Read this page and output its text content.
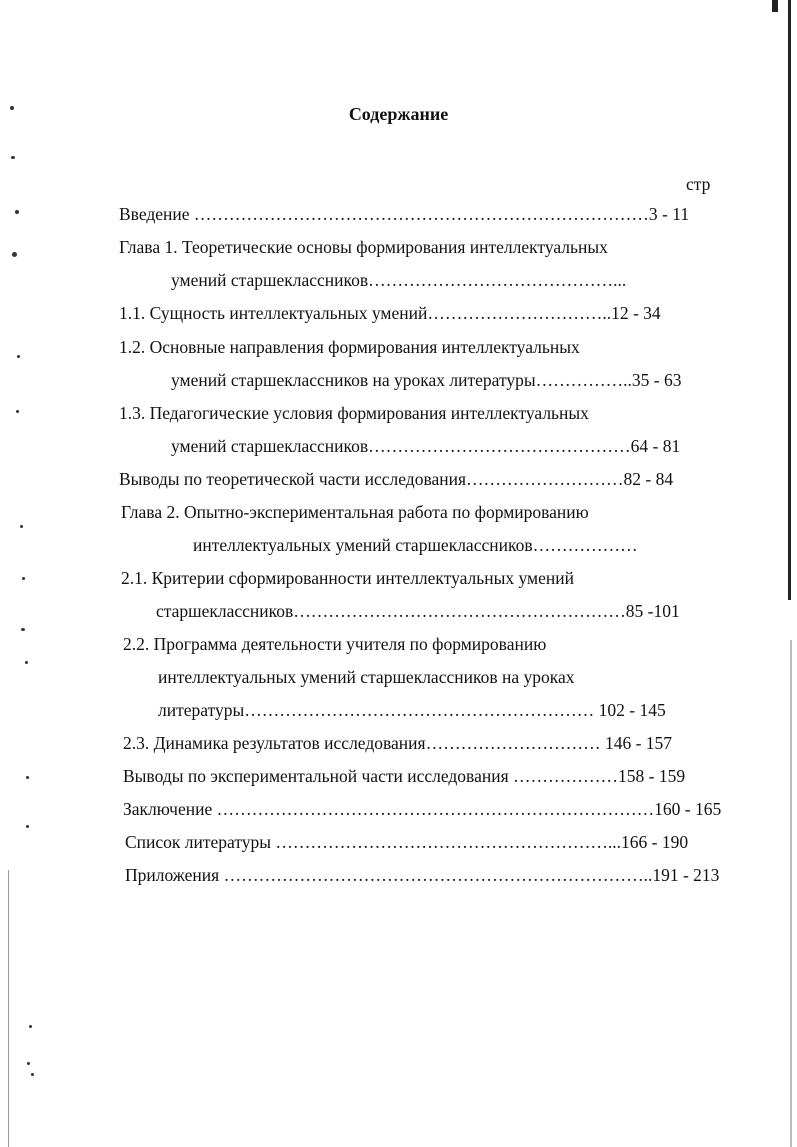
Содержание
стр
Введение ……………………………………………………………………3 - 11
Глава 1. Теоретические основы формирования интеллектуальных
умений старшеклассников……………………………………...
1.1. Сущность интеллектуальных умений…………………………..12 - 34
1.2. Основные направления формирования интеллектуальных
умений старшеклассников на уроках литературы……………..35 - 63
1.3. Педагогические условия формирования интеллектуальных
умений старшеклассников………………………………………64 - 81
Выводы по теоретической части исследования………………………82 - 84
Глава 2. Опытно-экспериментальная работа по формированию
интеллектуальных умений старшеклассников………………
2.1. Критерии сформированности интеллектуальных умений
старшеклассников…………………………………………………85 -101
2.2. Программа деятельности учителя по формированию
интеллектуальных умений старшеклассников на уроках
литературы…………………………………………………… 102 - 145
2.3. Динамика результатов исследования………………………… 146 - 157
Выводы по экспериментальной части исследования ………………158 - 159
Заключение …………………………………………………………………160 - 165
Список литературы …………………………………………………...166 - 190
Приложения ………………………………………………………………..191 - 213
